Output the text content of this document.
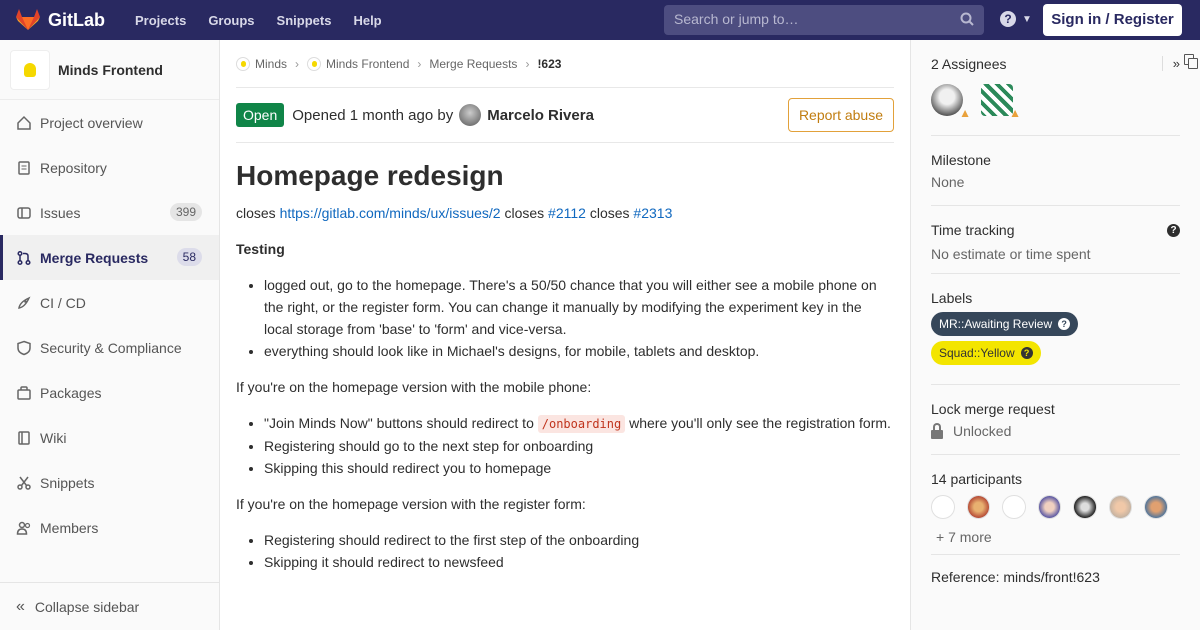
GitLab Projects Groups Snippets Help	Search or jump to…	?	▼	Sign in / Register
Minds Frontend
Project overview
Repository
Issues	399
Merge Requests	58
CI / CD
Security & Compliance
Packages
Wiki
Snippets
Members
« Collapse sidebar
Minds › Minds Frontend › Merge Requests › !623
Open	Opened 1 month ago by Marcelo Rivera	Report abuse
Homepage redesign

closes https://gitlab.com/minds/ux/issues/2 closes #2112 closes #2313

Testing
• logged out, go to the homepage. There's a 50/50 chance that you will either see a mobile phone on the right, or the register form. You can change it manually by modifying the experiment key in the local storage from 'base' to 'form' and vice-versa.
• everything should look like in Michael's designs, for mobile, tablets and desktop.

If you're on the homepage version with the mobile phone:

• "Join Minds Now" buttons should redirect to /onboarding where you'll only see the registration form.
• Registering should go to the next step for onboarding
• Skipping this should redirect you to homepage

If you're on the homepage version with the register form:

• Registering should redirect to the first step of the onboarding
• Skipping it should redirect to newsfeed
2 Assignees	»
▲	▲
Milestone
None
Time tracking	?
No estimate or time spent
Labels
MR::Awaiting Review	?
Squad::Yellow	?
Lock merge request
Unlocked
14 participants
+ 7 more
Reference: minds/front!623
